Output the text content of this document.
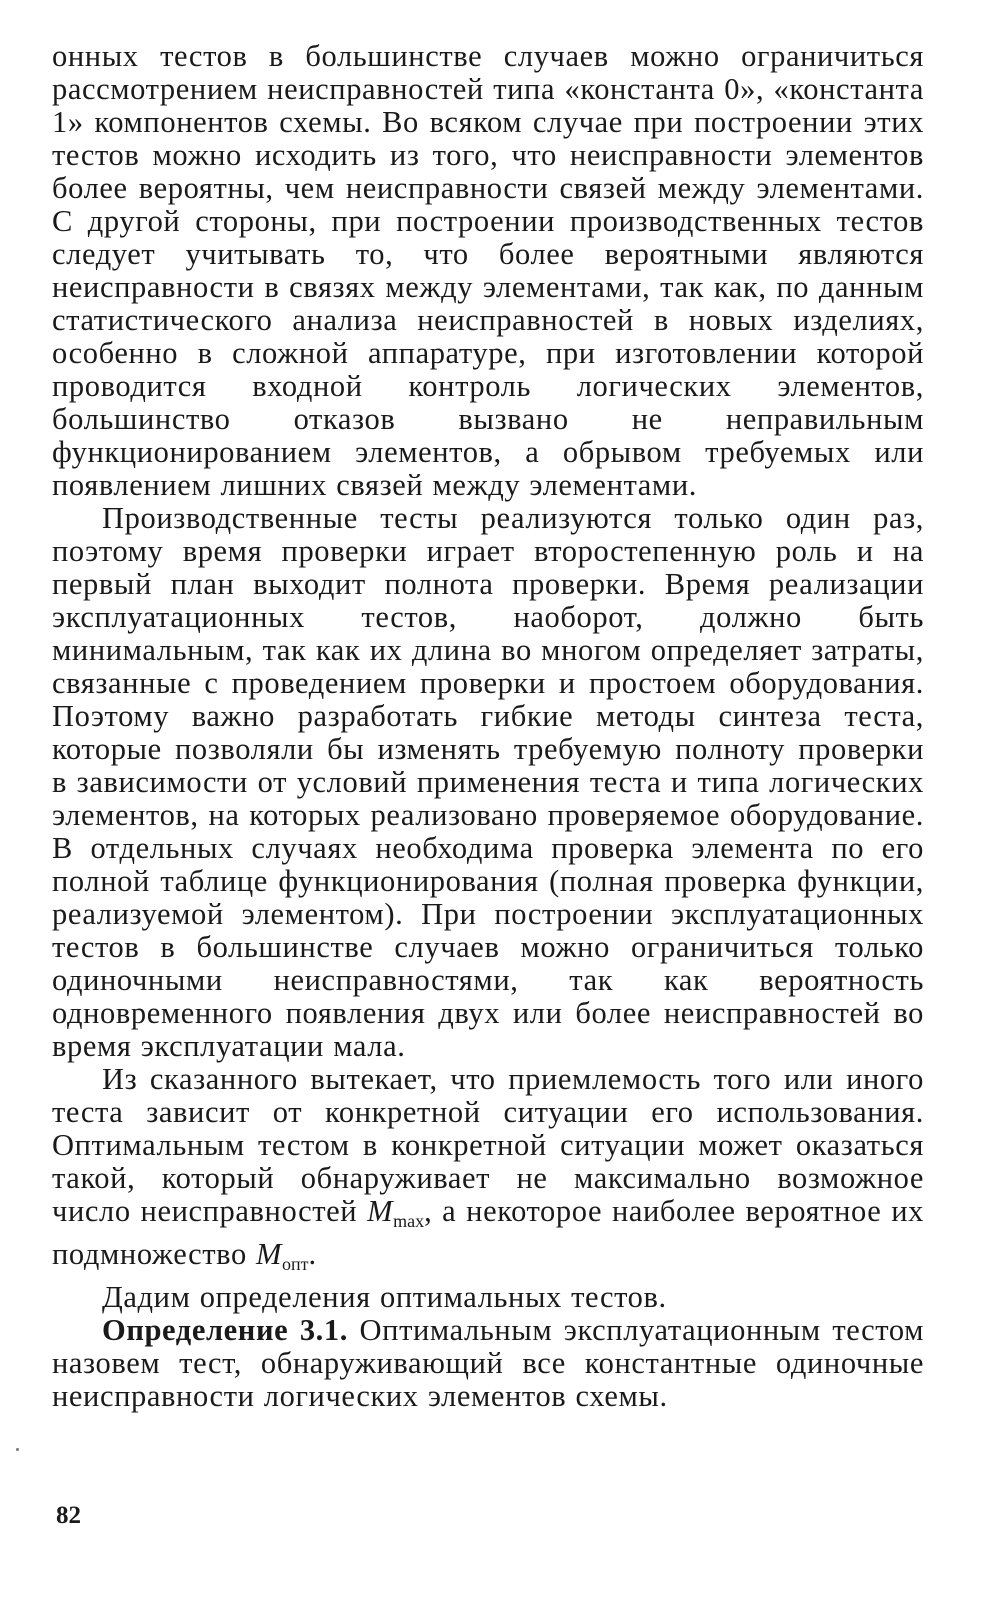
онных тестов в большинстве случаев можно ограничиться рассмотрением неисправностей типа «константа 0», «константа 1» компонентов схемы. Во всяком случае при построении этих тестов можно исходить из того, что неисправности элементов более вероятны, чем неисправности связей между элементами. С другой стороны, при построении производственных тестов следует учитывать то, что более вероятными являются неисправности в связях между элементами, так как, по данным статистического анализа неисправностей в новых изделиях, особенно в сложной аппаратуре, при изготовлении которой проводится входной контроль логических элементов, большинство отказов вызвано не неправильным функционированием элементов, а обрывом требуемых или появлением лишних связей между элементами.

Производственные тесты реализуются только один раз, поэтому время проверки играет второстепенную роль и на первый план выходит полнота проверки. Время реализации эксплуатационных тестов, наоборот, должно быть минимальным, так как их длина во многом определяет затраты, связанные с проведением проверки и простоем оборудования. Поэтому важно разработать гибкие методы синтеза теста, которые позволяли бы изменять требуемую полноту проверки в зависимости от условий применения теста и типа логических элементов, на которых реализовано проверяемое оборудование. В отдельных случаях необходима проверка элемента по его полной таблице функционирования (полная проверка функции, реализуемой элементом). При построении эксплуатационных тестов в большинстве случаев можно ограничиться только одиночными неисправностями, так как вероятность одновременного появления двух или более неисправностей во время эксплуатации мала.

Из сказанного вытекает, что приемлемость того или иного теста зависит от конкретной ситуации его использования. Оптимальным тестом в конкретной ситуации может оказаться такой, который обнаруживает не максимально возможное число неисправностей $M_{max}$, а некоторое наиболее вероятное их подмножество $M_{опт}$.

Дадим определения оптимальных тестов.

Определение 3.1. Оптимальным эксплуатационным тестом назовем тест, обнаруживающий все константные одиночные неисправности логических элементов схемы.

82
